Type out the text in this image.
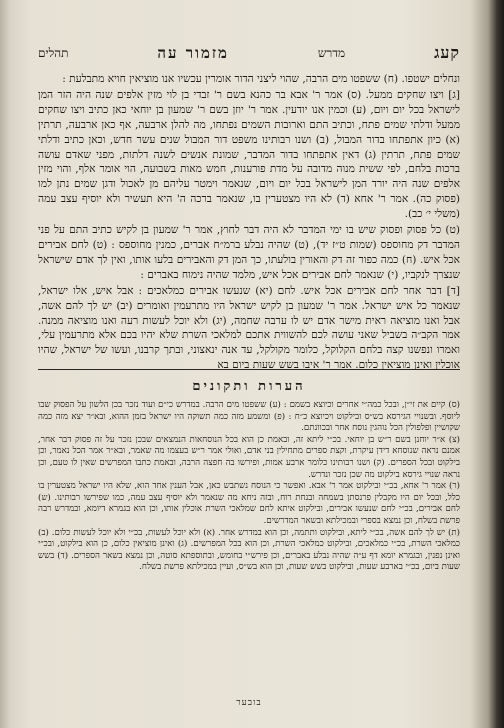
קעג
מדרש
מזמור עה
תהלים

ונחלים ישטפו. (ח) ששפטו מים הרבה, שהוי ליצני הדור אומרין עכשיו אנו מוציאין חויא מתבלעת :

[ג] ויצו שחקים ממעל. (ס) אמר ר' אבא בר כהנא בשם ר' זבדי בן לוי מזין אלפים שנה היה הזר המן לישראל בכל יום ויום, (ע) וכמין אנו יודעין. אמר ר' יוזן בשם ר' שמעון בן יוחאי כאן כתיב ויצו שחקים ממעל ודלתי שמים פתח, וכתיב התם וארובות השמים נפתחו, מה להלן ארבעה, אף כאן ארבעה, תרתין (א) כיון אתפתחו בדור המבול, (ב) ושנו רבותינו משפט דור המבול שנים עשר חדש, וכאן כתיב ודלתי שמים פתח, תרתין (ג) דאין אתפתחו בדור המדבר, שמונת אנשים לשנה דלתות, מפני שאדם עושה ברכות בלחם, לפי ששית מנוה מדובה על מדת פורענות, חמש מאות בשבועה, הוי אומר אלף, והוי מזין אלפים שנה היה יורד המן לישראל בכל יום ויום, שנאמר וימטר עליהם מן לאכול ודגן שמים נתן למו (פסוק כה). אמר ר' אחא (ד) לא היו מצטערין בו, שנאמר ברכה ה' היא תעשיר ולא יוסיף עצב עמה (משלי י׳ כב).

(ט) כל פסוק ופסוק שיש בו ימי המדבר לא היה דבר לחוץ, אמר ר' שמעון בן לקיש כתיב התם על פני המדבר דק מחוספס (שמות ט״ז יד), (ט) שהיה נבלע ברמ״ח אברים, כמנין מחוספס : (ט) לחם אבירים אכל איש. (ח) כמה כפור זה דק והאורין בולעתו, כך המן דק והאבירים בלעו אותו, ואין לך אדם שישראל שנצרך לנקביו, (י) שנאמר לחם אבירים אכל איש, מלמד שהיה נימוח באברים :

[ד] דבר אחר לחם אבירים אכל איש. לחם (יא) שנעשו אבירים כמלאכים : אבל איש, אלו ישראל, שנאמר כל איש ישראל. אמר ר' שמעון בן לקיש ישראל היו מתרעמין ואומרים (יב) יש לך להם אשה, אבל ואנו מוציאה ראית מישר אדם יש לו ערבה שחמה, (יג) ולא יוכל לעשות רעה ואנו מוציאה ממנה. אמר הקב״ה בשביל שאני עושה לכם להשווית אתכם למלאכי השרת שלא יהיו בכם אלא מתרעמין עלי, ואמרו ונפשנו קצה בלחם הקלוקל, כלומר מקולקל, עד אנה ינאצוני, ובתך קרבנו, ועשו של ישראל, שהיו אוכלין ואינן מוציאין כלום. אמר ר' איבו בשש שעות ביום בא

הערות ותקונים

(ס) קיים את זי״ן, ובכל כמה״י אחרים וכיוצא בשמם : (ע) ששפטו מים הרבה. במדרש כי״ם ועוד נזכר בכן הלשון על הפסוק שבו ליוסף. ובשנויי הגירסא בש״ס ובילקוט ויכיוצא כ״ח : (פ) ומשמע מזה כמה תשוקה היו ישראל בזמן ההוא, ובא״ר יצא מזה כמה שקושיין ופלפולין הכל נוהגין נוסח אחר ובכוונתם.

(צ) א״ר יוחנן בשם ר״ש בן יוחאי. בכ״י ליתא זה, ובאמת כן הוא בכל הנוסחאות הנמצאים שבכן נזכר על זה פסוק דבר אחר, אמנם נראה שנוסחא דידן עיקרת, וקצת ספרים מתחילין בני אדם, ואולי אמר ר״ש בעצמו מה שאמר, ובא״ר אמר הכל נאמר, וכן בילקוט ובכל הספרים. (ק) ושנו רבותינו כלומר ארבע אמות, ופירשו בה חפצה הרבה, ובאמת כתבו המפרשים שאין לו טעם, וכן נראה שנויי גירסא בילקוט מה שכן נזכר ונדרש.

(ר) אמר ר' אחא, בכ״י ובילקוט אמר ר' אבא. ואפשר כי הנוסח נשתבש כאן, אבל הענין אחד הוא, שלא היו ישראל מצטערין בו כלל, ובכל יום היו מקבלין פרנסתן בשמחה ובנחת רוח, ובזה ניחא מה שנאמר ולא יוסיף עצב עמה, כמו שפירשו רבותינו. (ש) לחם אבירים, בכ״י לחם שנעשו אבירים, ובילקוט איתא לחם שמלאכי השרת אוכלין אותו, וכן הוא בגמרא דיומא, ובמדרש רבה פרשת בשלח, וכן נמצא בספרי ובמכילתא ובשאר המדרשים.

(ת) יש לך להם אשה, בכ״י ליתא, ובילקוט ותתמה, וכן הוא במדרש אחר. (א) ולא יוכל לעשות, בכ״י ולא יוכל לעשות כלום. (ב) כמלאכי השרת, בכ״י כמלאכים, ובילקוט כמלאכי השרת, וכן הוא בכל המפרשים. (ג) ואינן מוציאין כלום, כן הוא בילקוט, ובכ״י ואינן נפנין, ובגמרא יומא דף ע״ה שהיה נבלע באברים, וכן פירש״י בחומש, ובתוספתא סוטה, וכן נמצא בשאר הספרים. (ד) בשש שעות ביום, בכ״י בארבע שעות, ובילקוט בשש שעות, וכן הוא בש״ס, ועיין במכילתא פרשת בשלח.

בובער
